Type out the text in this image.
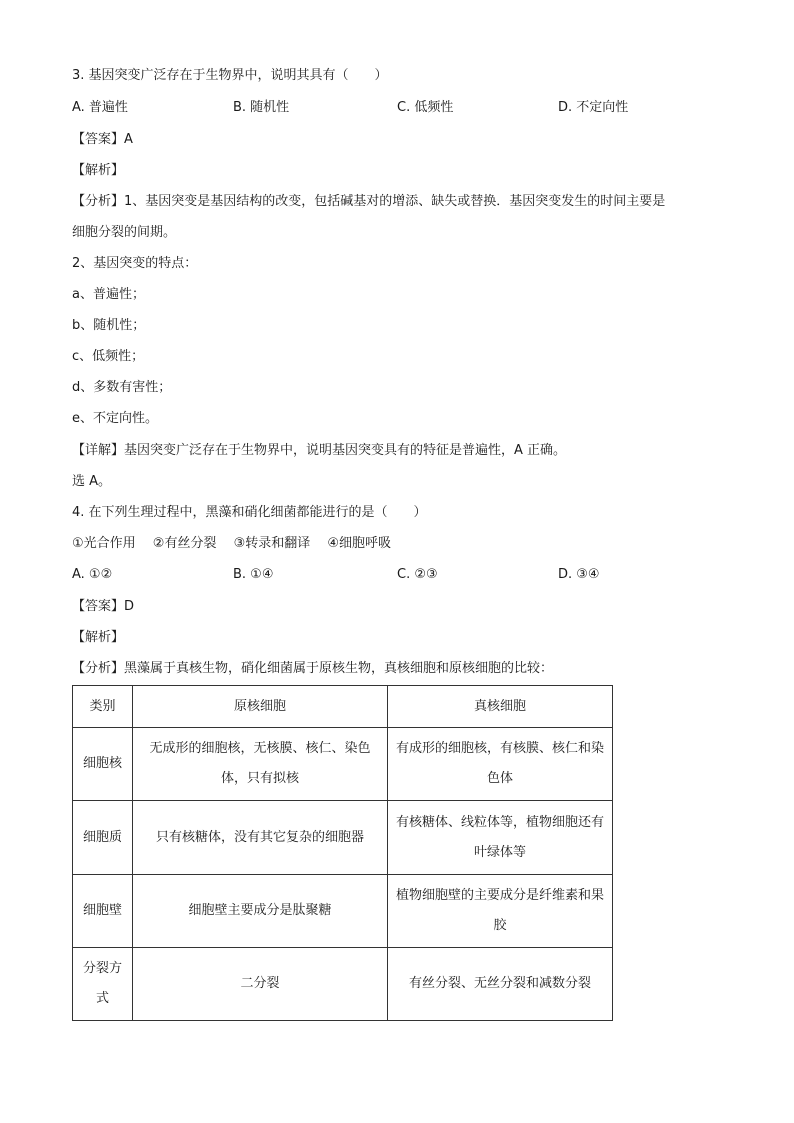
3. 基因突变广泛存在于生物界中，说明其具有（　　）
A. 普遍性	B. 随机性	C. 低频性	D. 不定向性
【答案】A
【解析】
【分析】1、基因突变是基因结构的改变，包括碱基对的增添、缺失或替换．基因突变发生的时间主要是
细胞分裂的间期。
2、基因突变的特点：
a、普遍性；
b、随机性；
c、低频性；
d、多数有害性；
e、不定向性。
【详解】基因突变广泛存在于生物界中，说明基因突变具有的特征是普遍性，A 正确。
选 A。
4. 在下列生理过程中，黑藻和硝化细菌都能进行的是（　　）
①光合作用　 ②有丝分裂　 ③转录和翻译　 ④细胞呼吸
A. ①②	B. ①④	C. ②③	D. ③④
【答案】D
【解析】
【分析】黑藻属于真核生物，硝化细菌属于原核生物，真核细胞和原核细胞的比较：
类别	原核细胞	真核细胞
细胞核	无成形的细胞核，无核膜、核仁、染色体，只有拟核	有成形的细胞核，有核膜、核仁和染色体
细胞质	只有核糖体，没有其它复杂的细胞器	有核糖体、线粒体等，植物细胞还有叶绿体等
细胞壁	细胞壁主要成分是肽聚糖	植物细胞壁的主要成分是纤维素和果胶
分裂方式	二分裂	有丝分裂、无丝分裂和减数分裂
